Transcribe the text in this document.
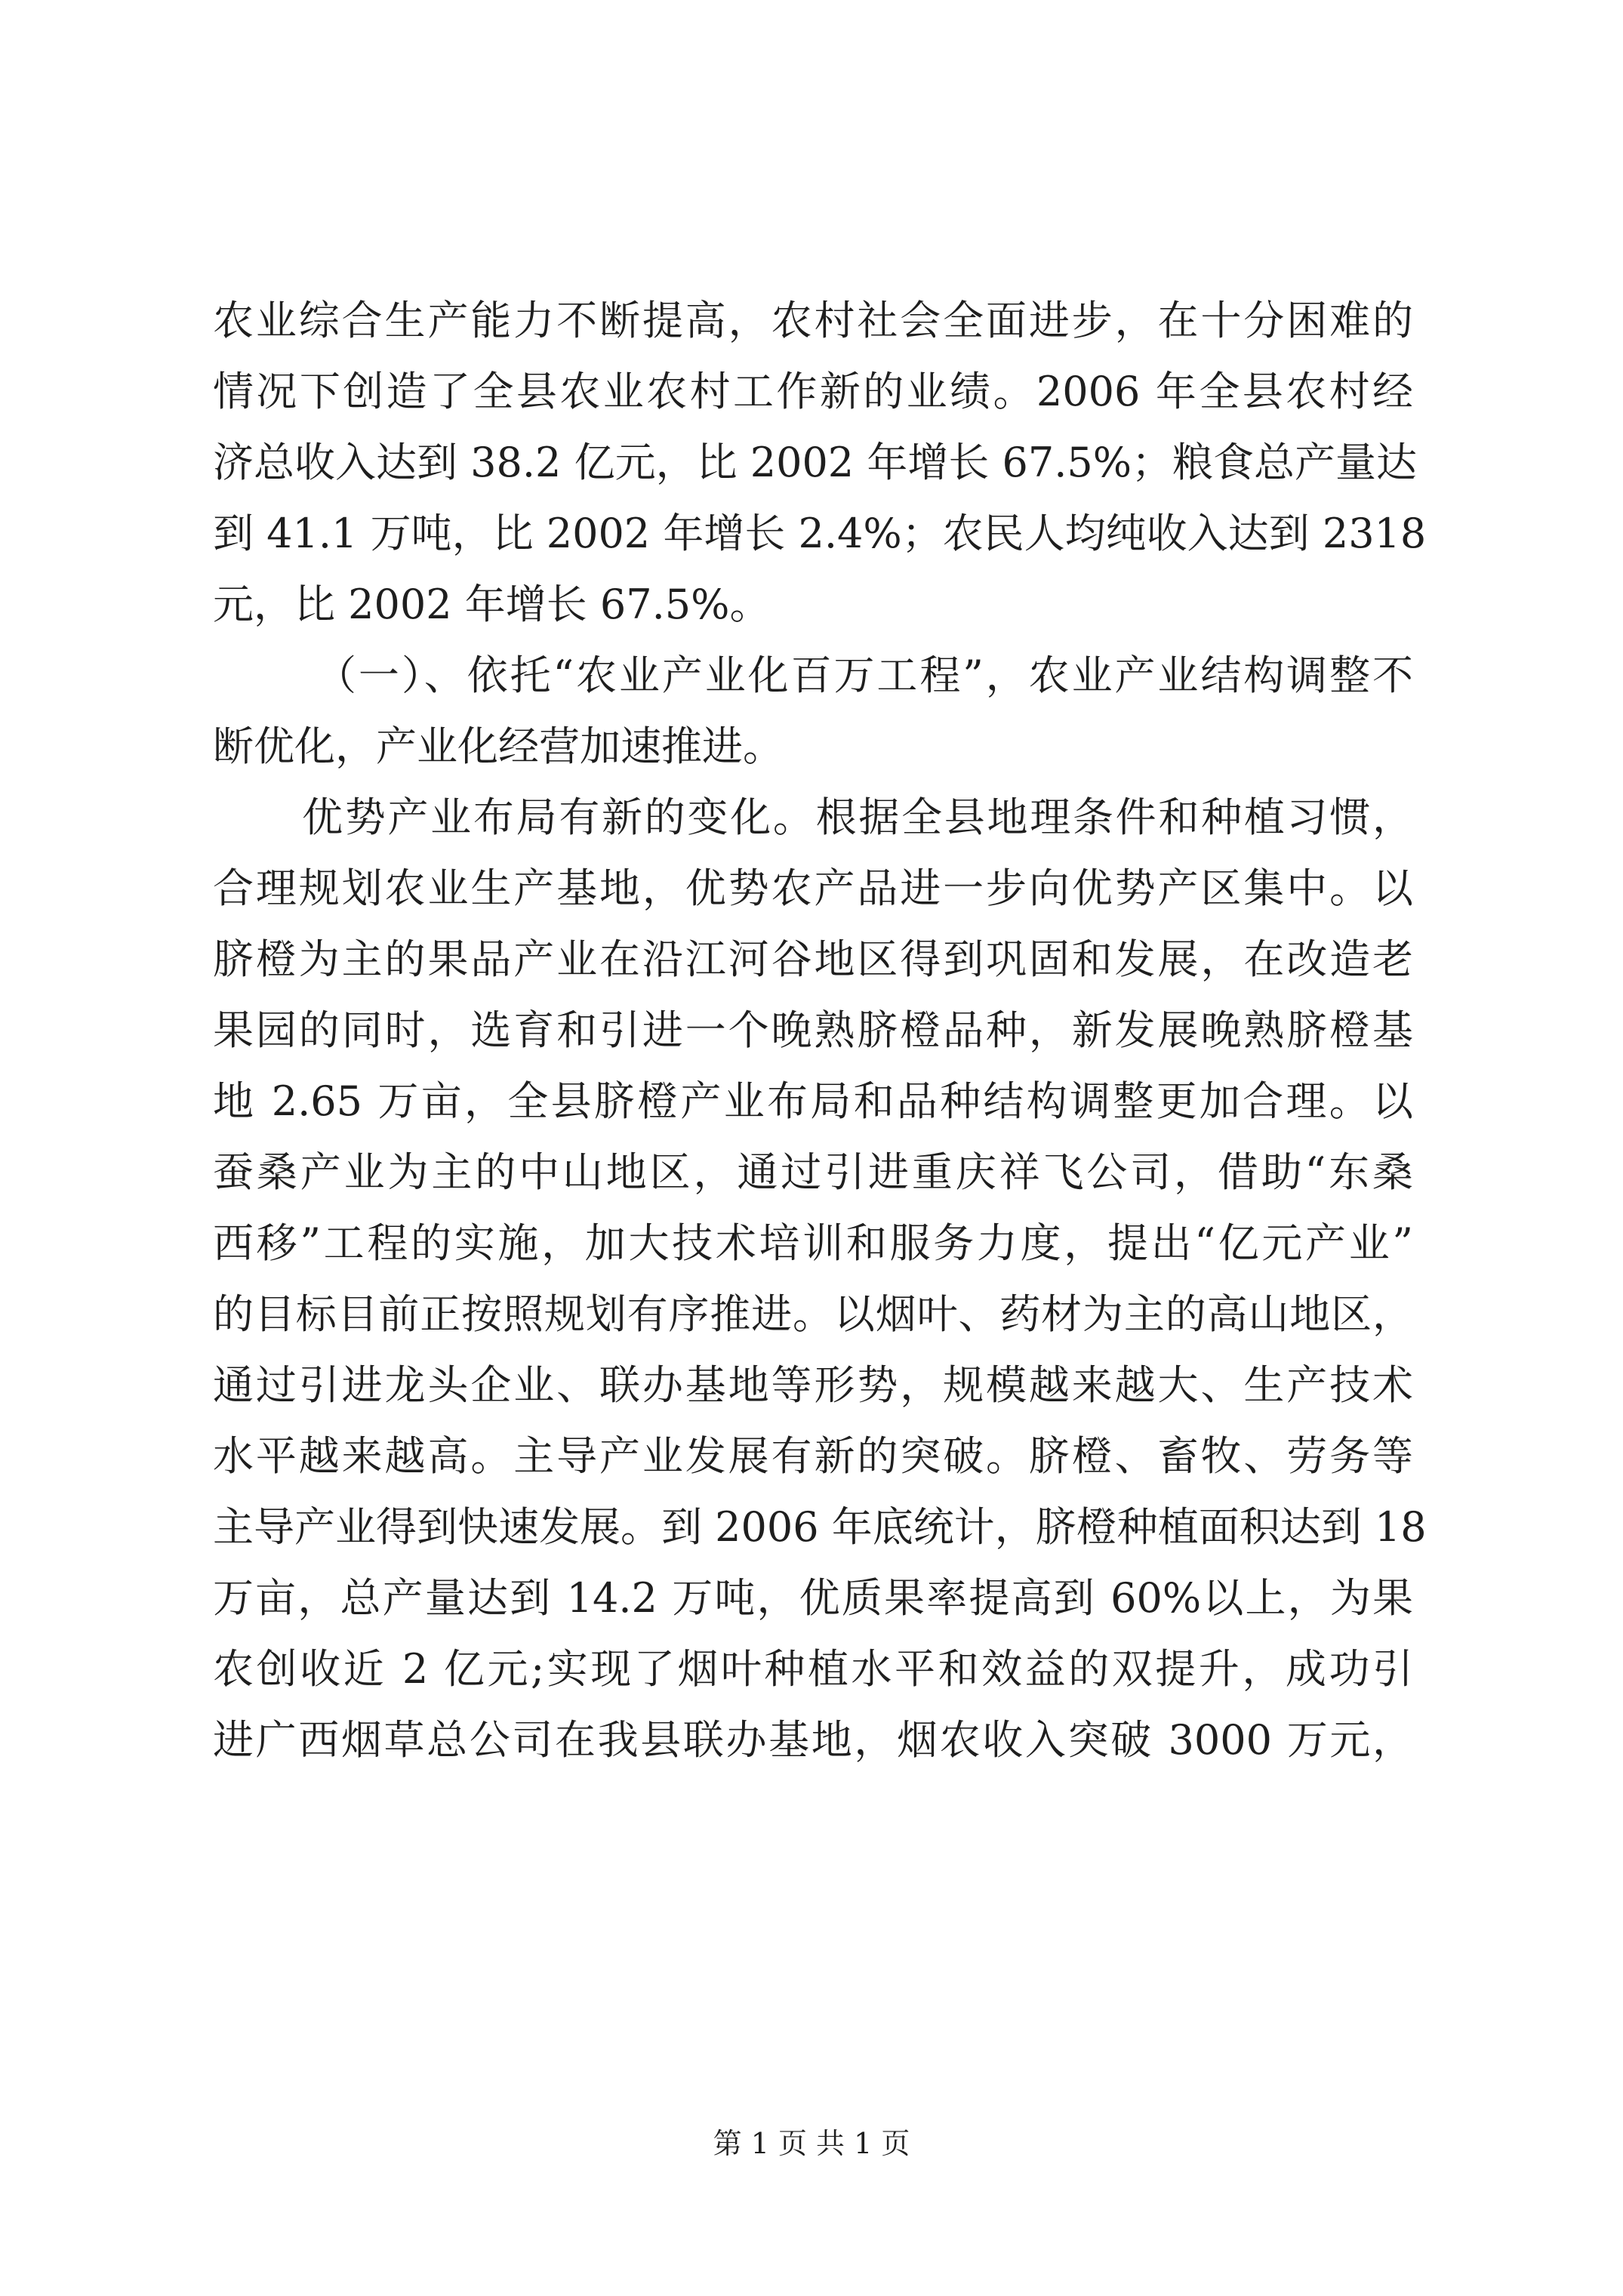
农业综合生产能力不断提高，农村社会全面进步，在十分困难的
情况下创造了全县农业农村工作新的业绩。2006 年全县农村经
济总收入达到 38.2 亿元，比 2002 年增长 67.5%；粮食总产量达
到 41.1 万吨，比 2002 年增长 2.4%；农民人均纯收入达到 2318
元，比 2002 年增长 67.5%。
（一）、依托“农业产业化百万工程”，农业产业结构调整不
断优化，产业化经营加速推进。
优势产业布局有新的变化。根据全县地理条件和种植习惯，
合理规划农业生产基地，优势农产品进一步向优势产区集中。以
脐橙为主的果品产业在沿江河谷地区得到巩固和发展，在改造老
果园的同时，选育和引进一个晚熟脐橙品种，新发展晚熟脐橙基
地 2.65 万亩，全县脐橙产业布局和品种结构调整更加合理。以
蚕桑产业为主的中山地区，通过引进重庆祥飞公司，借助“东桑
西移”工程的实施，加大技术培训和服务力度，提出“亿元产业”
的目标目前正按照规划有序推进。以烟叶、药材为主的高山地区，
通过引进龙头企业、联办基地等形势，规模越来越大、生产技术
水平越来越高。主导产业发展有新的突破。脐橙、畜牧、劳务等
主导产业得到快速发展。到 2006 年底统计，脐橙种植面积达到 18
万亩，总产量达到 14.2 万吨，优质果率提高到 60%以上，为果
农创收近 2 亿元;实现了烟叶种植水平和效益的双提升，成功引
进广西烟草总公司在我县联办基地，烟农收入突破 3000 万元，
第 1 页 共 1 页
